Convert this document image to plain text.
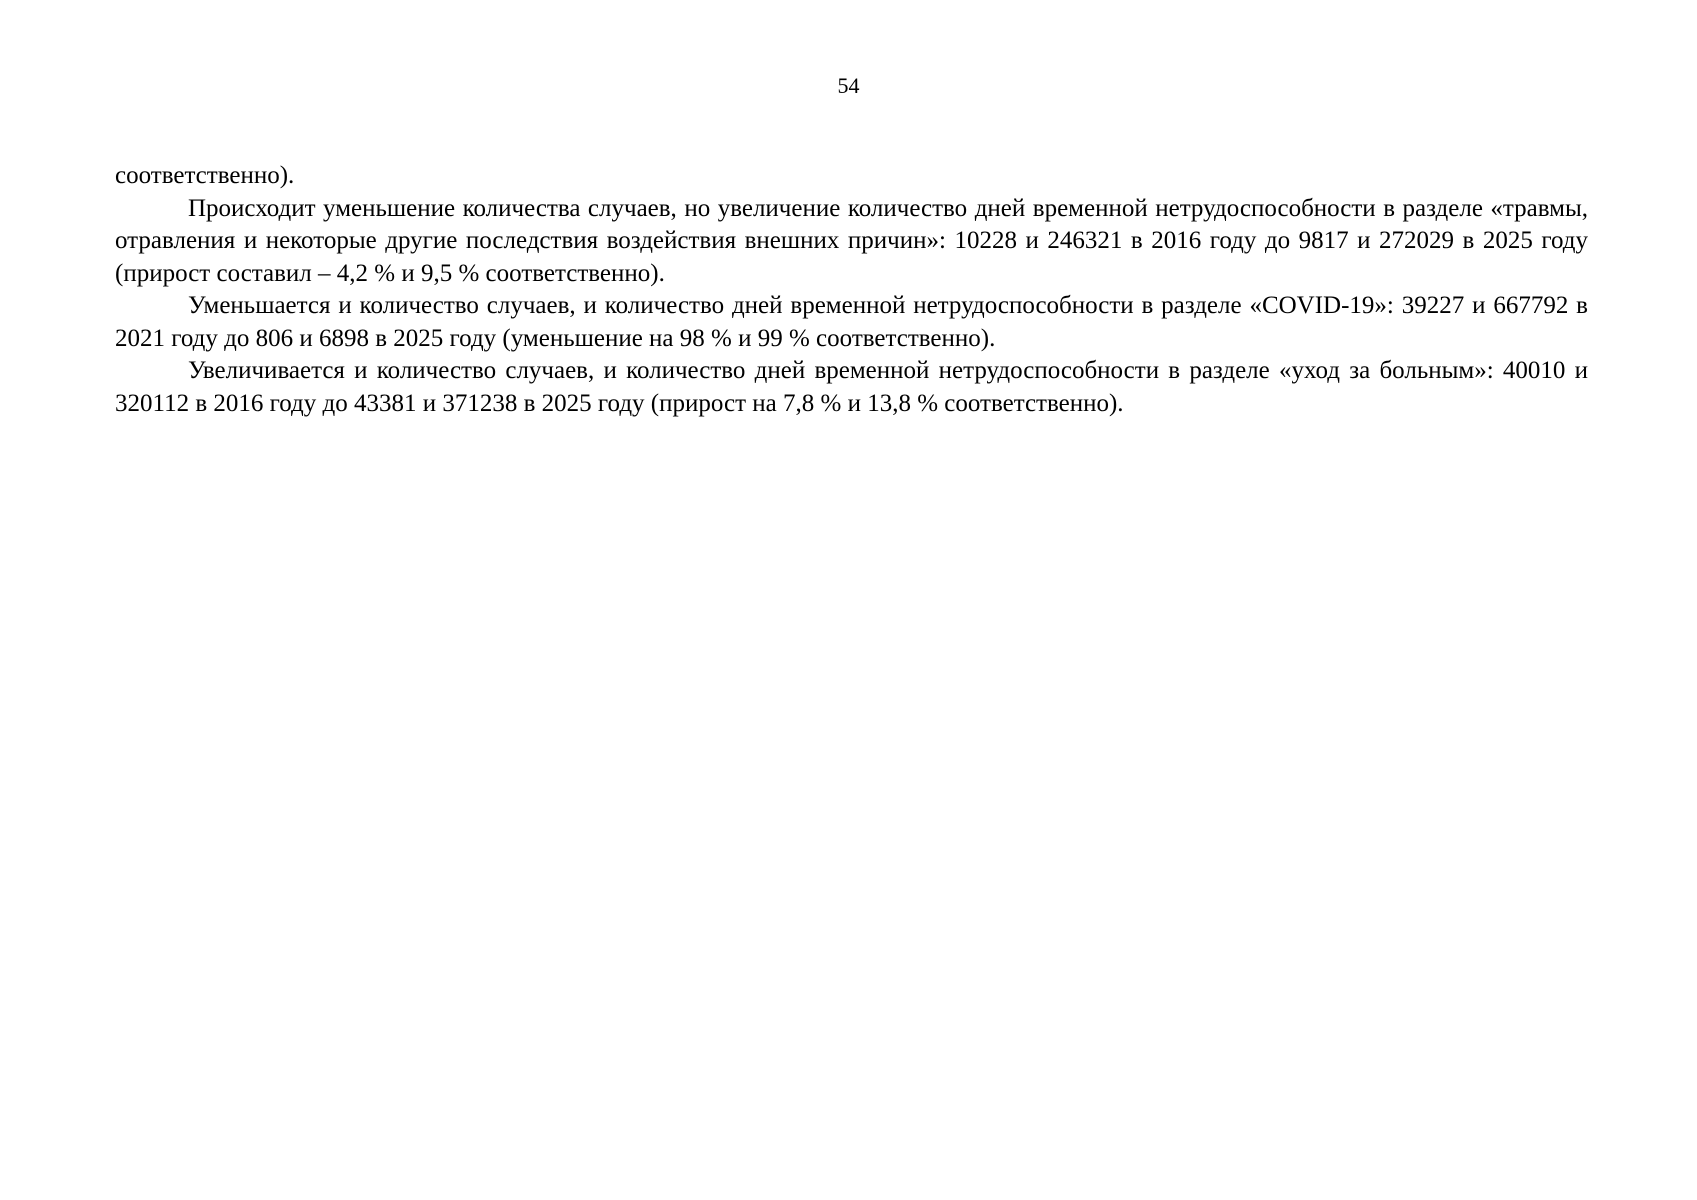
54

соответственно).

Происходит уменьшение количества случаев, но увеличение количество дней временной нетрудоспособности в разделе «травмы, отравления и некоторые другие последствия воздействия внешних причин»: 10228 и 246321 в 2016 году до 9817 и 272029 в 2025 году (прирост составил – 4,2 % и 9,5 % соответственно).

Уменьшается и количество случаев, и количество дней временной нетрудоспособности в разделе «COVID-19»: 39227 и 667792 в 2021 году до 806 и 6898 в 2025 году (уменьшение на 98 % и 99 % соответственно).

Увеличивается и количество случаев, и количество дней временной нетрудоспособности в разделе «уход за больным»: 40010 и 320112 в 2016 году до 43381 и 371238 в 2025 году (прирост на 7,8 % и 13,8 % соответственно).
